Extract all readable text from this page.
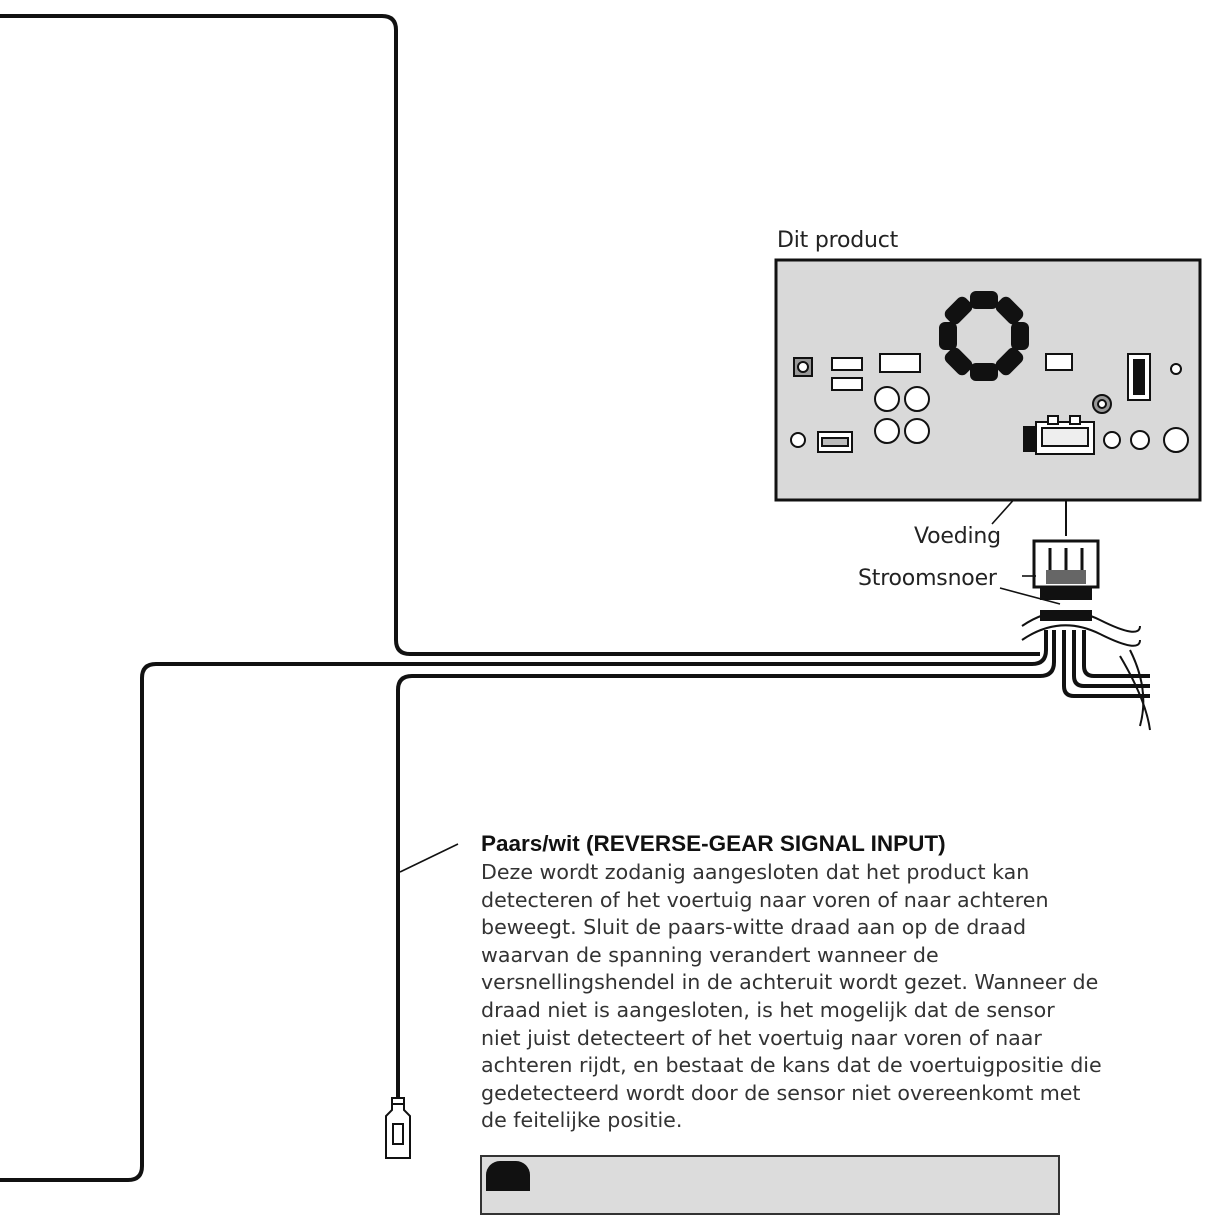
Dit product
Voeding
Stroomsnoer
Paars/wit (REVERSE-GEAR SIGNAL INPUT)

Deze wordt zodanig aangesloten dat het product kan
detecteren of het voertuig naar voren of naar achteren
beweegt. Sluit de paars-witte draad aan op de draad
waarvan de spanning verandert wanneer de
versnellingshendel in de achteruit wordt gezet. Wanneer de
draad niet is aangesloten, is het mogelijk dat de sensor
niet juist detecteert of het voertuig naar voren of naar
achteren rijdt, en bestaat de kans dat de voertuigpositie die
gedetecteerd wordt door de sensor niet overeenkomt met
de feitelijke positie.
